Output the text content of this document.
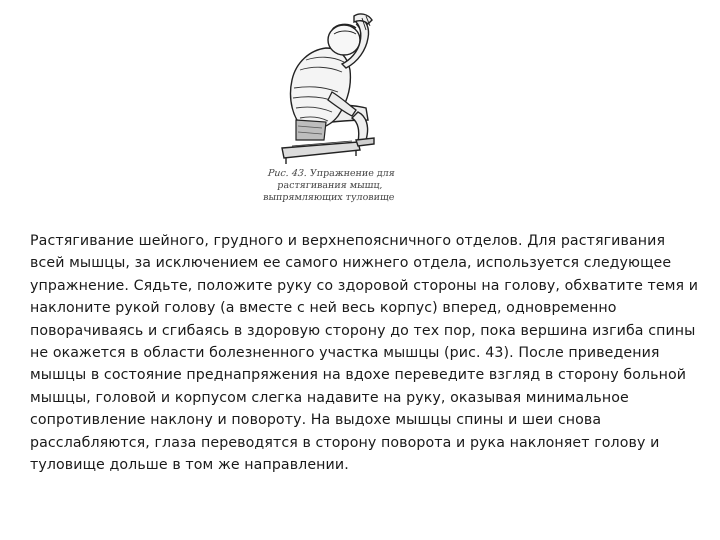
Рис. 43. Упражнение для
растягивания мышц,
выпрямляющих туловище
Растягивание шейного, грудного и верхнепоясничного отделов. Для растягивания
всей мышцы, за исключением ее самого нижнего отдела, используется следующее
упражнение. Сядьте, положите руку со здоровой стороны на голову, обхватите темя и
наклоните рукой голову (а вместе с ней весь корпус) вперед, одновременно
поворачиваясь и сгибаясь в здоровую сторону до тех пор, пока вершина изгиба спины
не окажется в области болезненного участка мышцы (рис. 43). После приведения
мышцы в состояние преднапряжения на вдохе переведите взгляд в сторону больной
мышцы, головой и корпусом слегка надавите на руку, оказывая минимальное
сопротивление наклону и повороту. На выдохе мышцы спины и шеи снова
расслабляются, глаза переводятся в сторону поворота и рука наклоняет голову и
туловище дольше в том же направлении.
